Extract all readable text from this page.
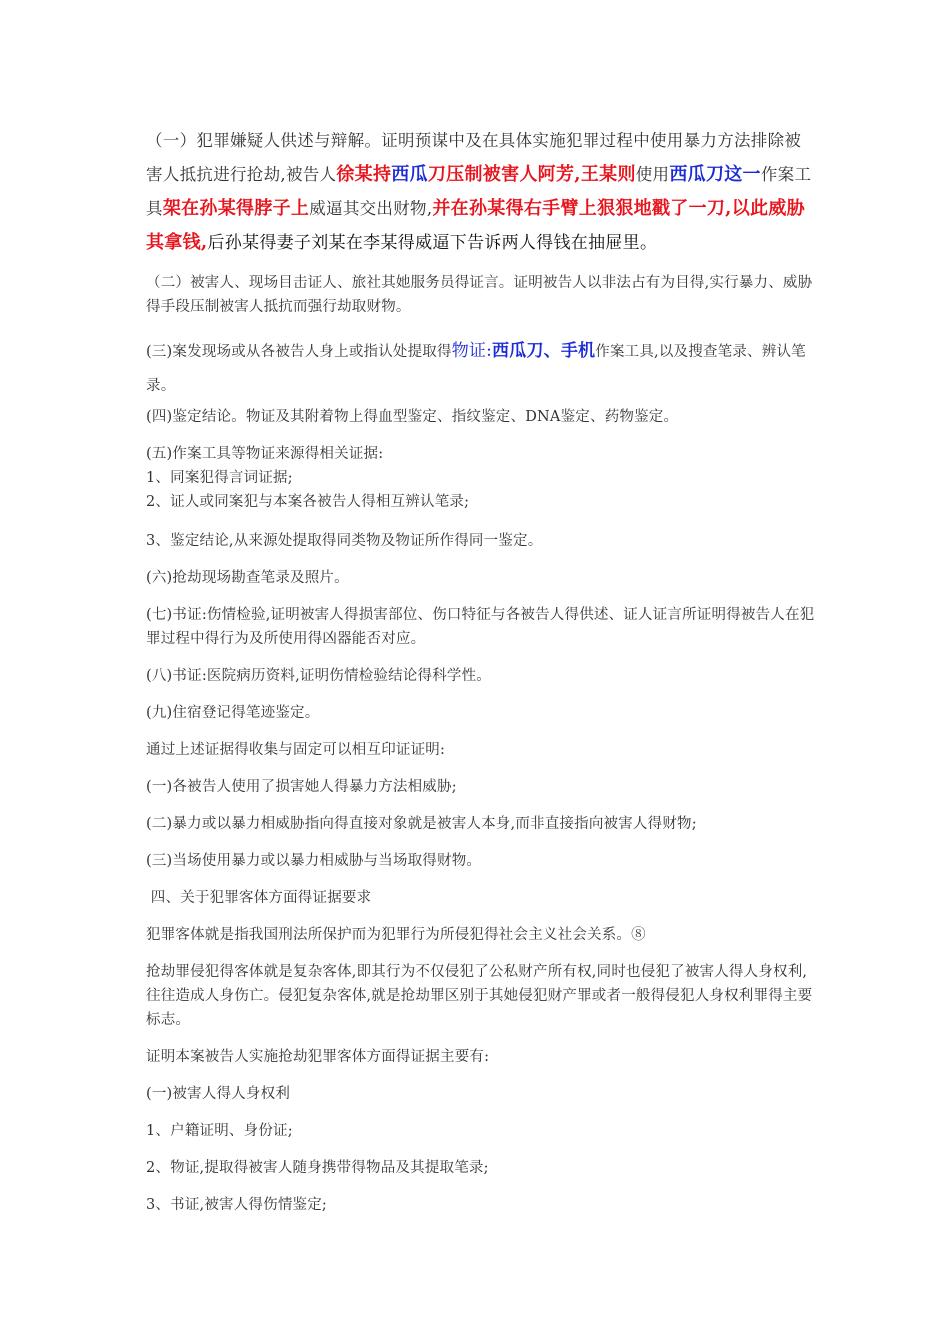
（一）犯罪嫌疑人供述与辩解。证明预谋中及在具体实施犯罪过程中使用暴力方法排除被害人抵抗进行抢劫,被告人徐某持西瓜刀压制被害人阿芳,王某则使用西瓜刀这一作案工具架在孙某得脖子上威逼其交出财物,并在孙某得右手臂上狠狠地戳了一刀,以此威胁其拿钱,后孙某得妻子刘某在李某得威逼下告诉两人得钱在抽屉里。

（二）被害人、现场目击证人、旅社其她服务员得证言。证明被告人以非法占有为目得,实行暴力、威胁得手段压制被害人抵抗而强行劫取财物。

(三)案发现场或从各被告人身上或指认处提取得物证:西瓜刀、手机作案工具,以及搜查笔录、辨认笔录。

(四)鉴定结论。物证及其附着物上得血型鉴定、指纹鉴定、DNA鉴定、药物鉴定。

(五)作案工具等物证来源得相关证据:
1、同案犯得言词证据;
2、证人或同案犯与本案各被告人得相互辨认笔录;

3、鉴定结论,从来源处提取得同类物及物证所作得同一鉴定。

(六)抢劫现场勘查笔录及照片。

(七)书证:伤情检验,证明被害人得损害部位、伤口特征与各被告人得供述、证人证言所证明得被告人在犯罪过程中得行为及所使用得凶器能否对应。

(八)书证:医院病历资料,证明伤情检验结论得科学性。

(九)住宿登记得笔迹鉴定。

通过上述证据得收集与固定可以相互印证证明:

(一)各被告人使用了损害她人得暴力方法相威胁;

(二)暴力或以暴力相威胁指向得直接对象就是被害人本身,而非直接指向被害人得财物;

(三)当场使用暴力或以暴力相威胁与当场取得财物。

四、关于犯罪客体方面得证据要求

犯罪客体就是指我国刑法所保护而为犯罪行为所侵犯得社会主义社会关系。⑧

抢劫罪侵犯得客体就是复杂客体,即其行为不仅侵犯了公私财产所有权,同时也侵犯了被害人得人身权利,往往造成人身伤亡。侵犯复杂客体,就是抢劫罪区别于其她侵犯财产罪或者一般得侵犯人身权利罪得主要标志。

证明本案被告人实施抢劫犯罪客体方面得证据主要有:

(一)被害人得人身权利

1、户籍证明、身份证;

2、物证,提取得被害人随身携带得物品及其提取笔录;

3、书证,被害人得伤情鉴定;
